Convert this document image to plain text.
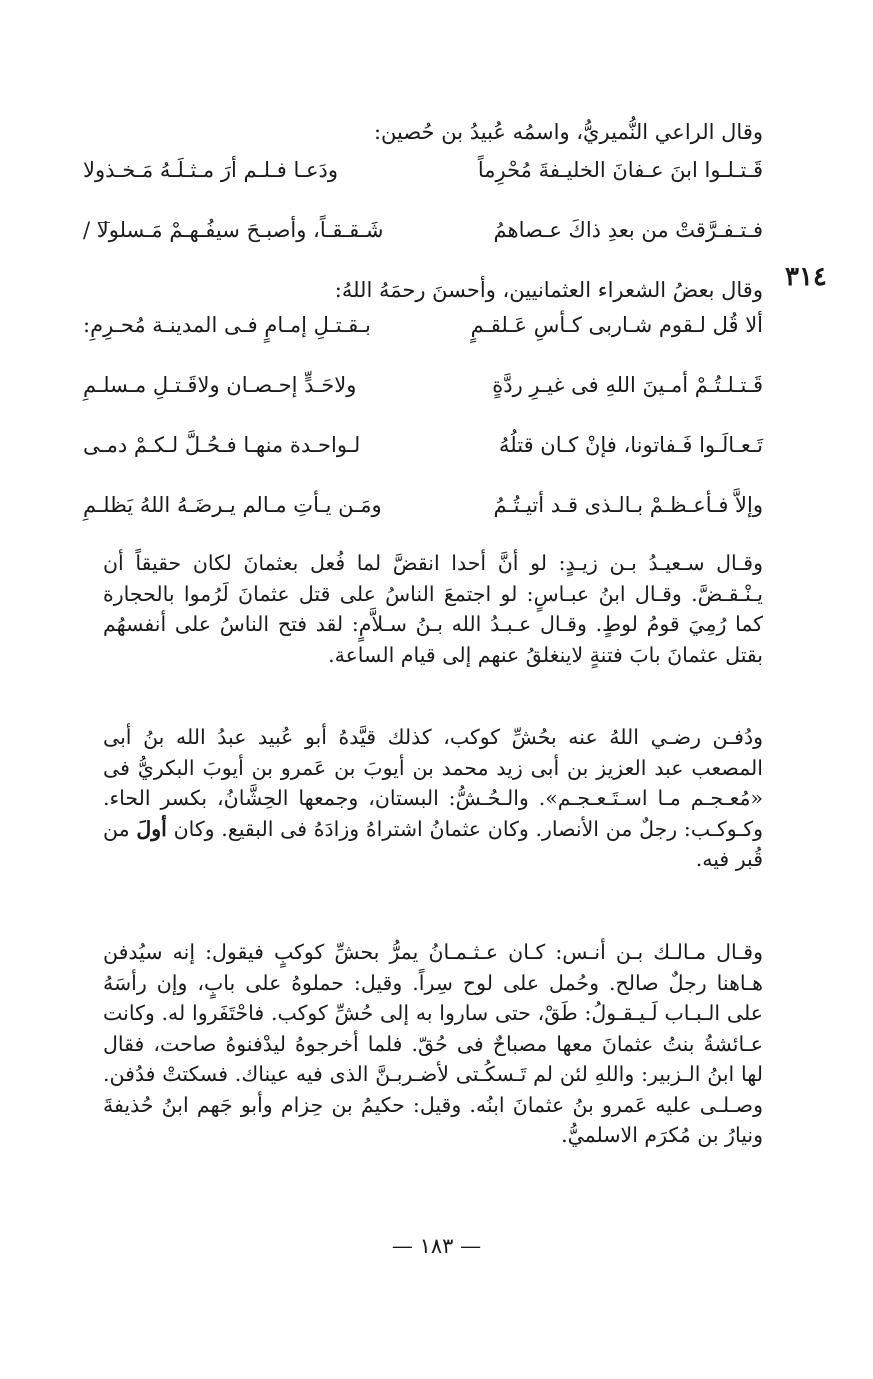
٣١٤
وقال الراعي النُّميريُّ، واسمُه عُبيدُ بن حُصين:
قَـتـلـوا ابنَ عـفانَ الخليـفةَ مُحْرِماً
ودَعـا فـلـم أرَ مـثـلَـهُ مَـخـذولا
فـتـفـرَّقتْ من بعدِ ذاكَ عـصاهمُ
شَـقـقـاً، وأصبـحَ سيفُـهـمْ مَـسلولا /
وقال بعضُ الشعراء العثمانيين، وأحسنَ رحمَهُ اللهُ:
ألا قُل لـقوم شـاربى كـأسِ عَـلقـمٍ
بـقـتـلِ إمـامٍ فـى المدينـة مُحـرِمِ:
قَـتـلـتُـمْ أمـينَ اللهِ فى غيـرِ ردَّةٍ
ولاحَـدٍّ إحـصـان ولاقَـتـلِ مـسلـمِ
تَـعـالَـوا فَـفاتونا، فإنْ كـان قتلُهُ
لـواحـدة منهـا فـحُـلَّ لـكـمْ دمـى
وإلاَّ فـأعـظـمْ بـالـذى قـد أتيـتُـمُ
ومَـن يـأتِ مـالم يـرضَـهُ اللهُ يَظلـمِ

وقـال سـعيـدُ بـن زيـدٍ: لو أنَّ أحدا انقضَّ لما فُعل بعثمانَ لكان حقيقاً أن يـنْـقـضَّ. وقـال ابنُ عبـاسٍ: لو اجتمعَ الناسُ على قتل عثمانَ لَرُموا بالحجارة كما رُمِيَ قومُ لوطٍ. وقـال عـبـدُ الله بـنُ سـلاَّمٍ: لقد فتح الناسُ على أنفسهُم بقتل عثمانَ بابَ فتنةٍ لاينغلقُ عنهم إلى قيام الساعة.

ودُفـن رضـي اللهُ عنه بحُشِّ كوكب، كذلك قيَّدهُ أبو عُبيد عبدُ الله بنُ أبى المصعب عبد العزيز بن أبى زيد محمد بن أيوبَ بن عَمرو بن أيوبَ البكريُّ فى «مُعـجـم مـا اسـتَـعـجـم». والـحُـشُّ: البستان، وجمعها الحِشَّانُ، بكسر الحاء. وكـوكـب: رجلٌ من الأنصار. وكان عثمانُ اشتراهُ وزادَهُ فى البقيع. وكان أولَ من قُبر فيه.

وقـال مـالـك بـن أنـس: كـان عـثـمـانُ يمرُّ بحشِّ كوكبٍ فيقول: إنه سيُدفن هـاهنا رجلٌ صالح. وحُمل على لوح سِراً. وقيل: حملوهُ على بابٍ، وإن رأسَهُ على الـبـاب لَـيـقـولُ: طَقْ، حتى ساروا به إلى حُشِّ كوكب. فاحْتَفَروا له. وكانت عـائشةُ بنتُ عثمانَ معها مصباحٌ فى حُقّ. فلما أخرجوهُ ليدْفنوهُ صاحت، فقال لها ابنُ الـزبير: واللهِ لئن لم تَـسكُـتى لأضـربـنَّ الذى فيه عيناك. فسكتتْ فدُفن. وصـلـى عليه عَمرو بنُ عثمانَ ابنُه. وقيل: حكيمُ بن حِزام وأبو جَهم ابنُ حُذيفةَ ونيارُ بن مُكرَم الاسلميُّ.

— ١٨٣ —
